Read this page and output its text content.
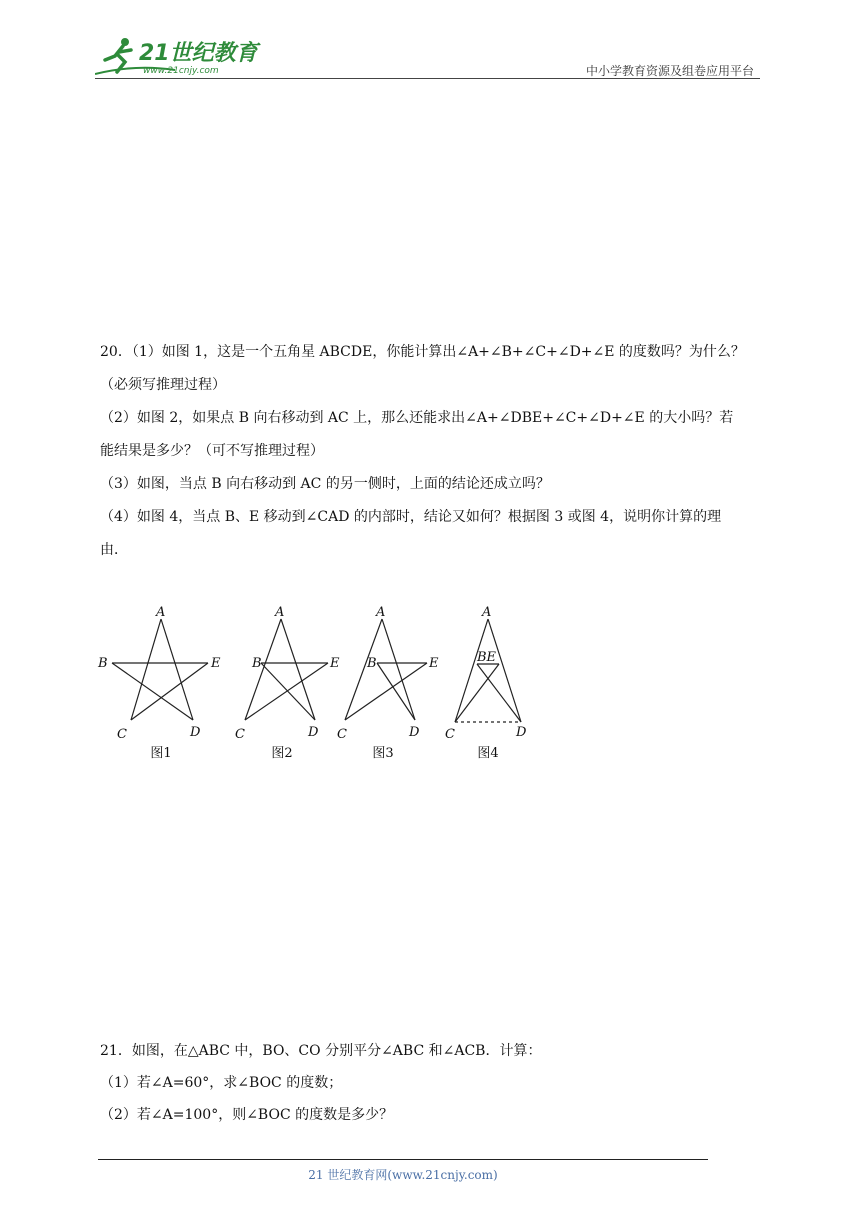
21世纪教育
www.21cnjy.com	中小学教育资源及组卷应用平台

20．（1）如图 1，这是一个五角星 ABCDE，你能计算出∠A+∠B+∠C+∠D+∠E 的度数吗？为什么？

（必须写推理过程）

（2）如图 2，如果点 B 向右移动到 AC 上，那么还能求出∠A+∠DBE+∠C+∠D+∠E 的大小吗？若

能结果是多少？（可不写推理过程）

（3）如图，当点 B 向右移动到 AC 的另一侧时，上面的结论还成立吗？

（4）如图 4，当点 B、E 移动到∠CAD 的内部时，结论又如何？根据图 3 或图 4，说明你计算的理

由．

A
B	E
C	D
A
B	E
C	D
A
B	E
C	D
A
BE
C	D
图1	图2	图3	图4

21．如图，在△ABC 中，BO、CO 分别平分∠ABC 和∠ACB．计算：

（1）若∠A=60°，求∠BOC 的度数；

（2）若∠A=100°，则∠BOC 的度数是多少？

21 世纪教育网(www.21cnjy.com)
